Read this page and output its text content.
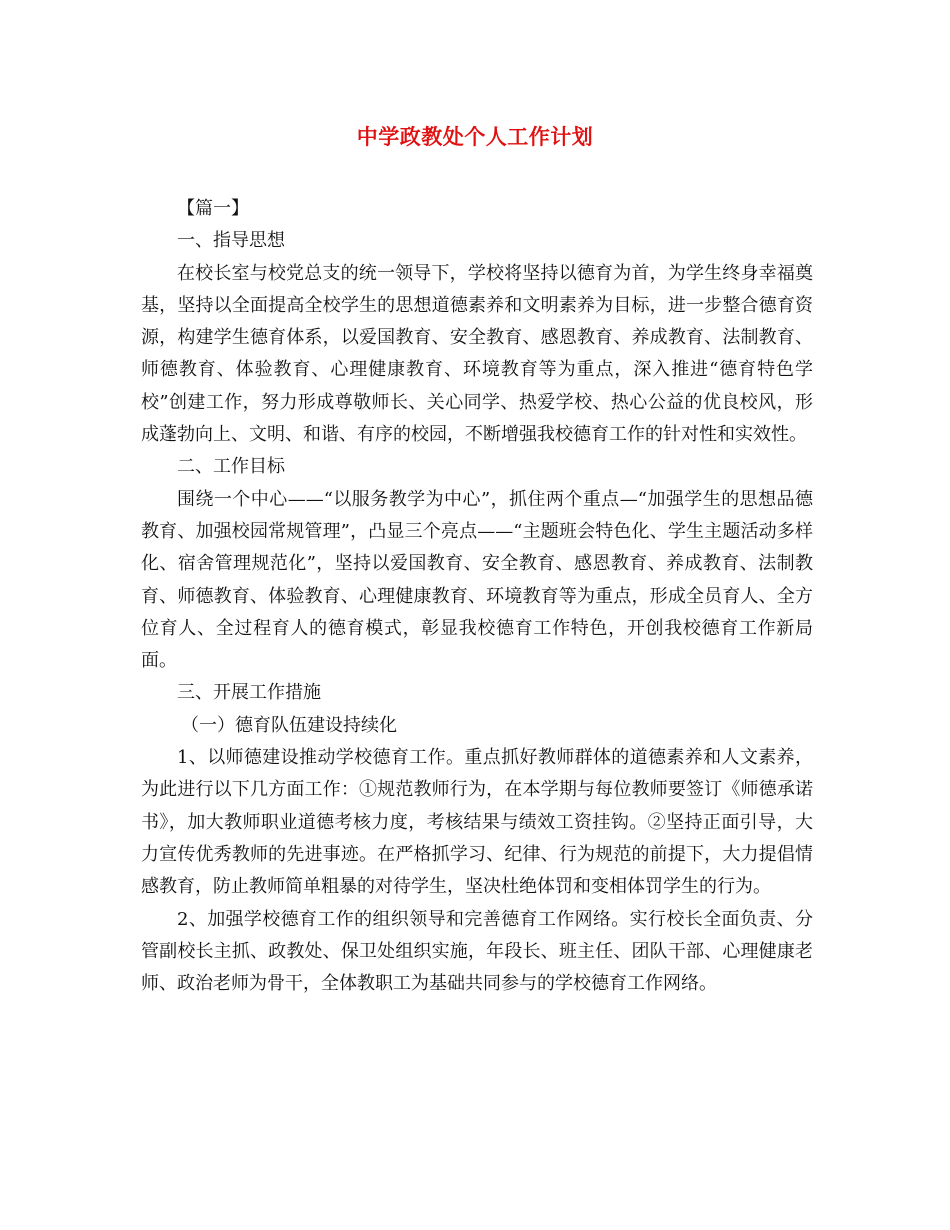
中学政教处个人工作计划

【篇一】

一、指导思想

在校长室与校党总支的统一领导下，学校将坚持以德育为首，为学生终身幸福奠基，坚持以全面提高全校学生的思想道德素养和文明素养为目标，进一步整合德育资源，构建学生德育体系，以爱国教育、安全教育、感恩教育、养成教育、法制教育、师德教育、体验教育、心理健康教育、环境教育等为重点，深入推进“德育特色学校”创建工作，努力形成尊敬师长、关心同学、热爱学校、热心公益的优良校风，形成蓬勃向上、文明、和谐、有序的校园，不断增强我校德育工作的针对性和实效性。

二、工作目标

围绕一个中心——“以服务教学为中心”，抓住两个重点—“加强学生的思想品德教育、加强校园常规管理”，凸显三个亮点——“主题班会特色化、学生主题活动多样化、宿舍管理规范化”，坚持以爱国教育、安全教育、感恩教育、养成教育、法制教育、师德教育、体验教育、心理健康教育、环境教育等为重点，形成全员育人、全方位育人、全过程育人的德育模式，彰显我校德育工作特色，开创我校德育工作新局面。

三、开展工作措施

（一）德育队伍建设持续化

1、以师德建设推动学校德育工作。重点抓好教师群体的道德素养和人文素养，为此进行以下几方面工作：①规范教师行为，在本学期与每位教师要签订《师德承诺书》，加大教师职业道德考核力度，考核结果与绩效工资挂钩。②坚持正面引导，大力宣传优秀教师的先进事迹。在严格抓学习、纪律、行为规范的前提下，大力提倡情感教育，防止教师简单粗暴的对待学生，坚决杜绝体罚和变相体罚学生的行为。

2、加强学校德育工作的组织领导和完善德育工作网络。实行校长全面负责、分管副校长主抓、政教处、保卫处组织实施，年段长、班主任、团队干部、心理健康老师、政治老师为骨干，全体教职工为基础共同参与的学校德育工作网络。
